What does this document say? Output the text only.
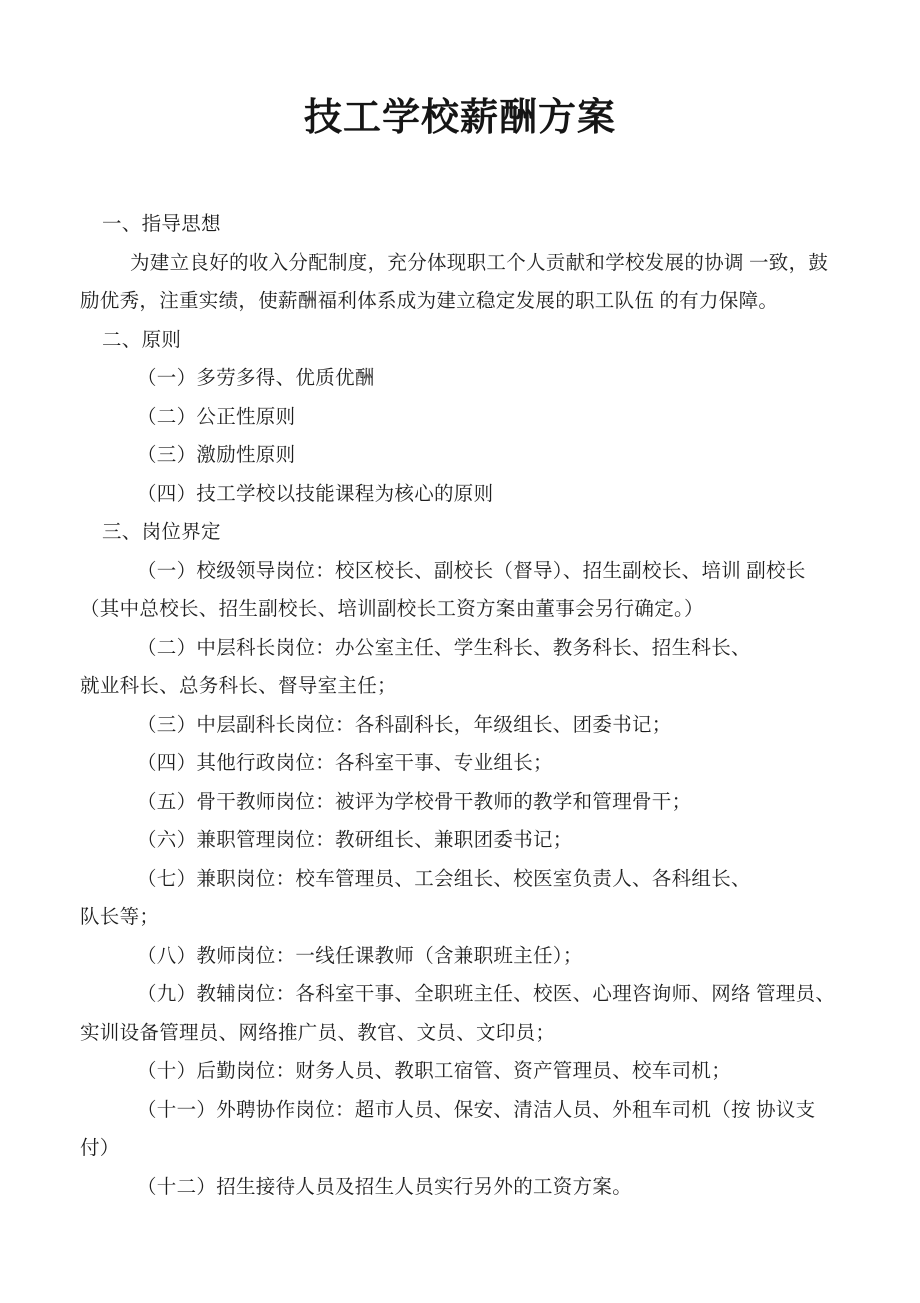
技工学校薪酬方案
一、指导思想
为建立良好的收入分配制度，充分体现职工个人贡献和学校发展的协调 一致，鼓
励优秀，注重实绩，使薪酬福利体系成为建立稳定发展的职工队伍 的有力保障。
二、原则
（一）多劳多得、优质优酬
（二）公正性原则
（三）激励性原则
（四）技工学校以技能课程为核心的原则
三、岗位界定
（一）校级领导岗位：校区校长、副校长（督导）、招生副校长、培训 副校长
（其中总校长、招生副校长、培训副校长工资方案由董事会另行确定。）
（二）中层科长岗位：办公室主任、学生科长、教务科长、招生科长、
就业科长、总务科长、督导室主任；
（三）中层副科长岗位：各科副科长，年级组长、团委书记；
（四）其他行政岗位：各科室干事、专业组长；
（五）骨干教师岗位：被评为学校骨干教师的教学和管理骨干；
（六）兼职管理岗位：教研组长、兼职团委书记；
（七）兼职岗位：校车管理员、工会组长、校医室负责人、各科组长、
队长等；
（八）教师岗位：一线任课教师（含兼职班主任）；
（九）教辅岗位：各科室干事、全职班主任、校医、心理咨询师、网络 管理员、
实训设备管理员、网络推广员、教官、文员、文印员；
（十）后勤岗位：财务人员、教职工宿管、资产管理员、校车司机；
（十一）外聘协作岗位：超市人员、保安、清洁人员、外租车司机（按 协议支
付）
（十二）招生接待人员及招生人员实行另外的工资方案。
